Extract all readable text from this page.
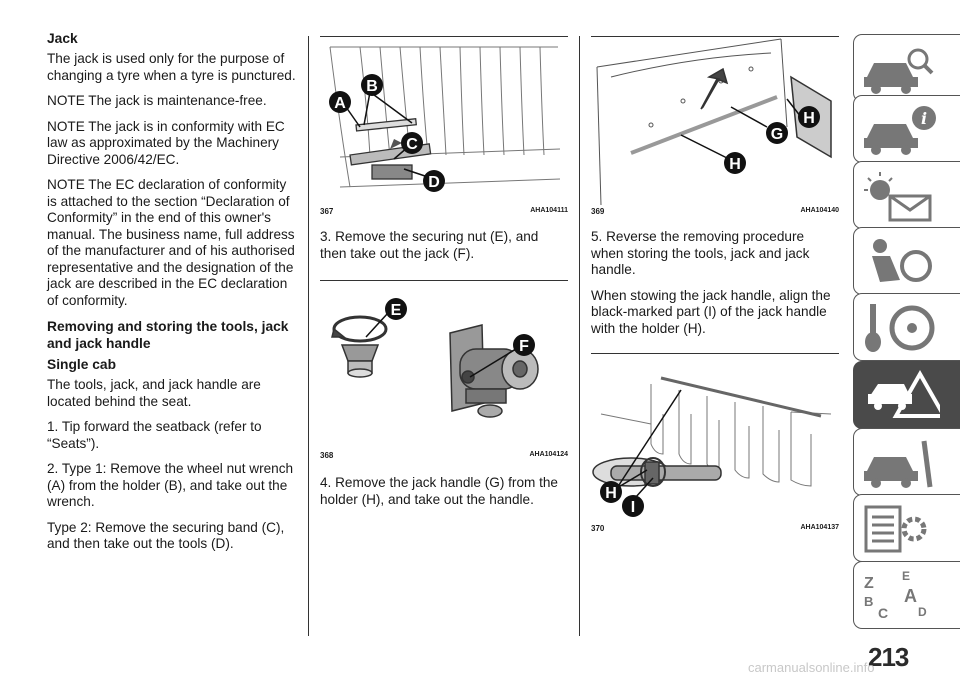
Jack

The jack is used only for the purpose of changing a tyre when a tyre is punctured.

NOTE The jack is maintenance-free.

NOTE The jack is in conformity with EC law as approximated by the Machinery Directive 2006/42/EC.

NOTE The EC declaration of conformity is attached to the section “Declaration of Conformity” in the end of this owner's manual. The business name, full address of the manufacturer and of his authorised representative and the designation of the jack are described in the EC declaration of conformity.

Removing and storing the tools, jack and jack handle
Single cab

The tools, jack, and jack handle are located behind the seat.

1. Tip forward the seatback (refer to “Seats”).

2. Type 1: Remove the wheel nut wrench (A) from the holder (B), and take out the wrench.

Type 2: Remove the securing band (C), and then take out the tools (D).

A
B
C
D
367	AHA104111

3. Remove the securing nut (E), and then take out the jack (F).

E
F
368	AHA104124

4. Remove the jack handle (G) from the holder (H), and take out the handle.

G
H
H
369	AHA104140

5. Reverse the removing procedure when storing the tools, jack and jack handle.

When stowing the jack handle, align the black-marked part (I) of the jack handle with the holder (H).

H
I
370	AHA104137
i
Z E
A
B
C D
213
carmanualsonline.info
